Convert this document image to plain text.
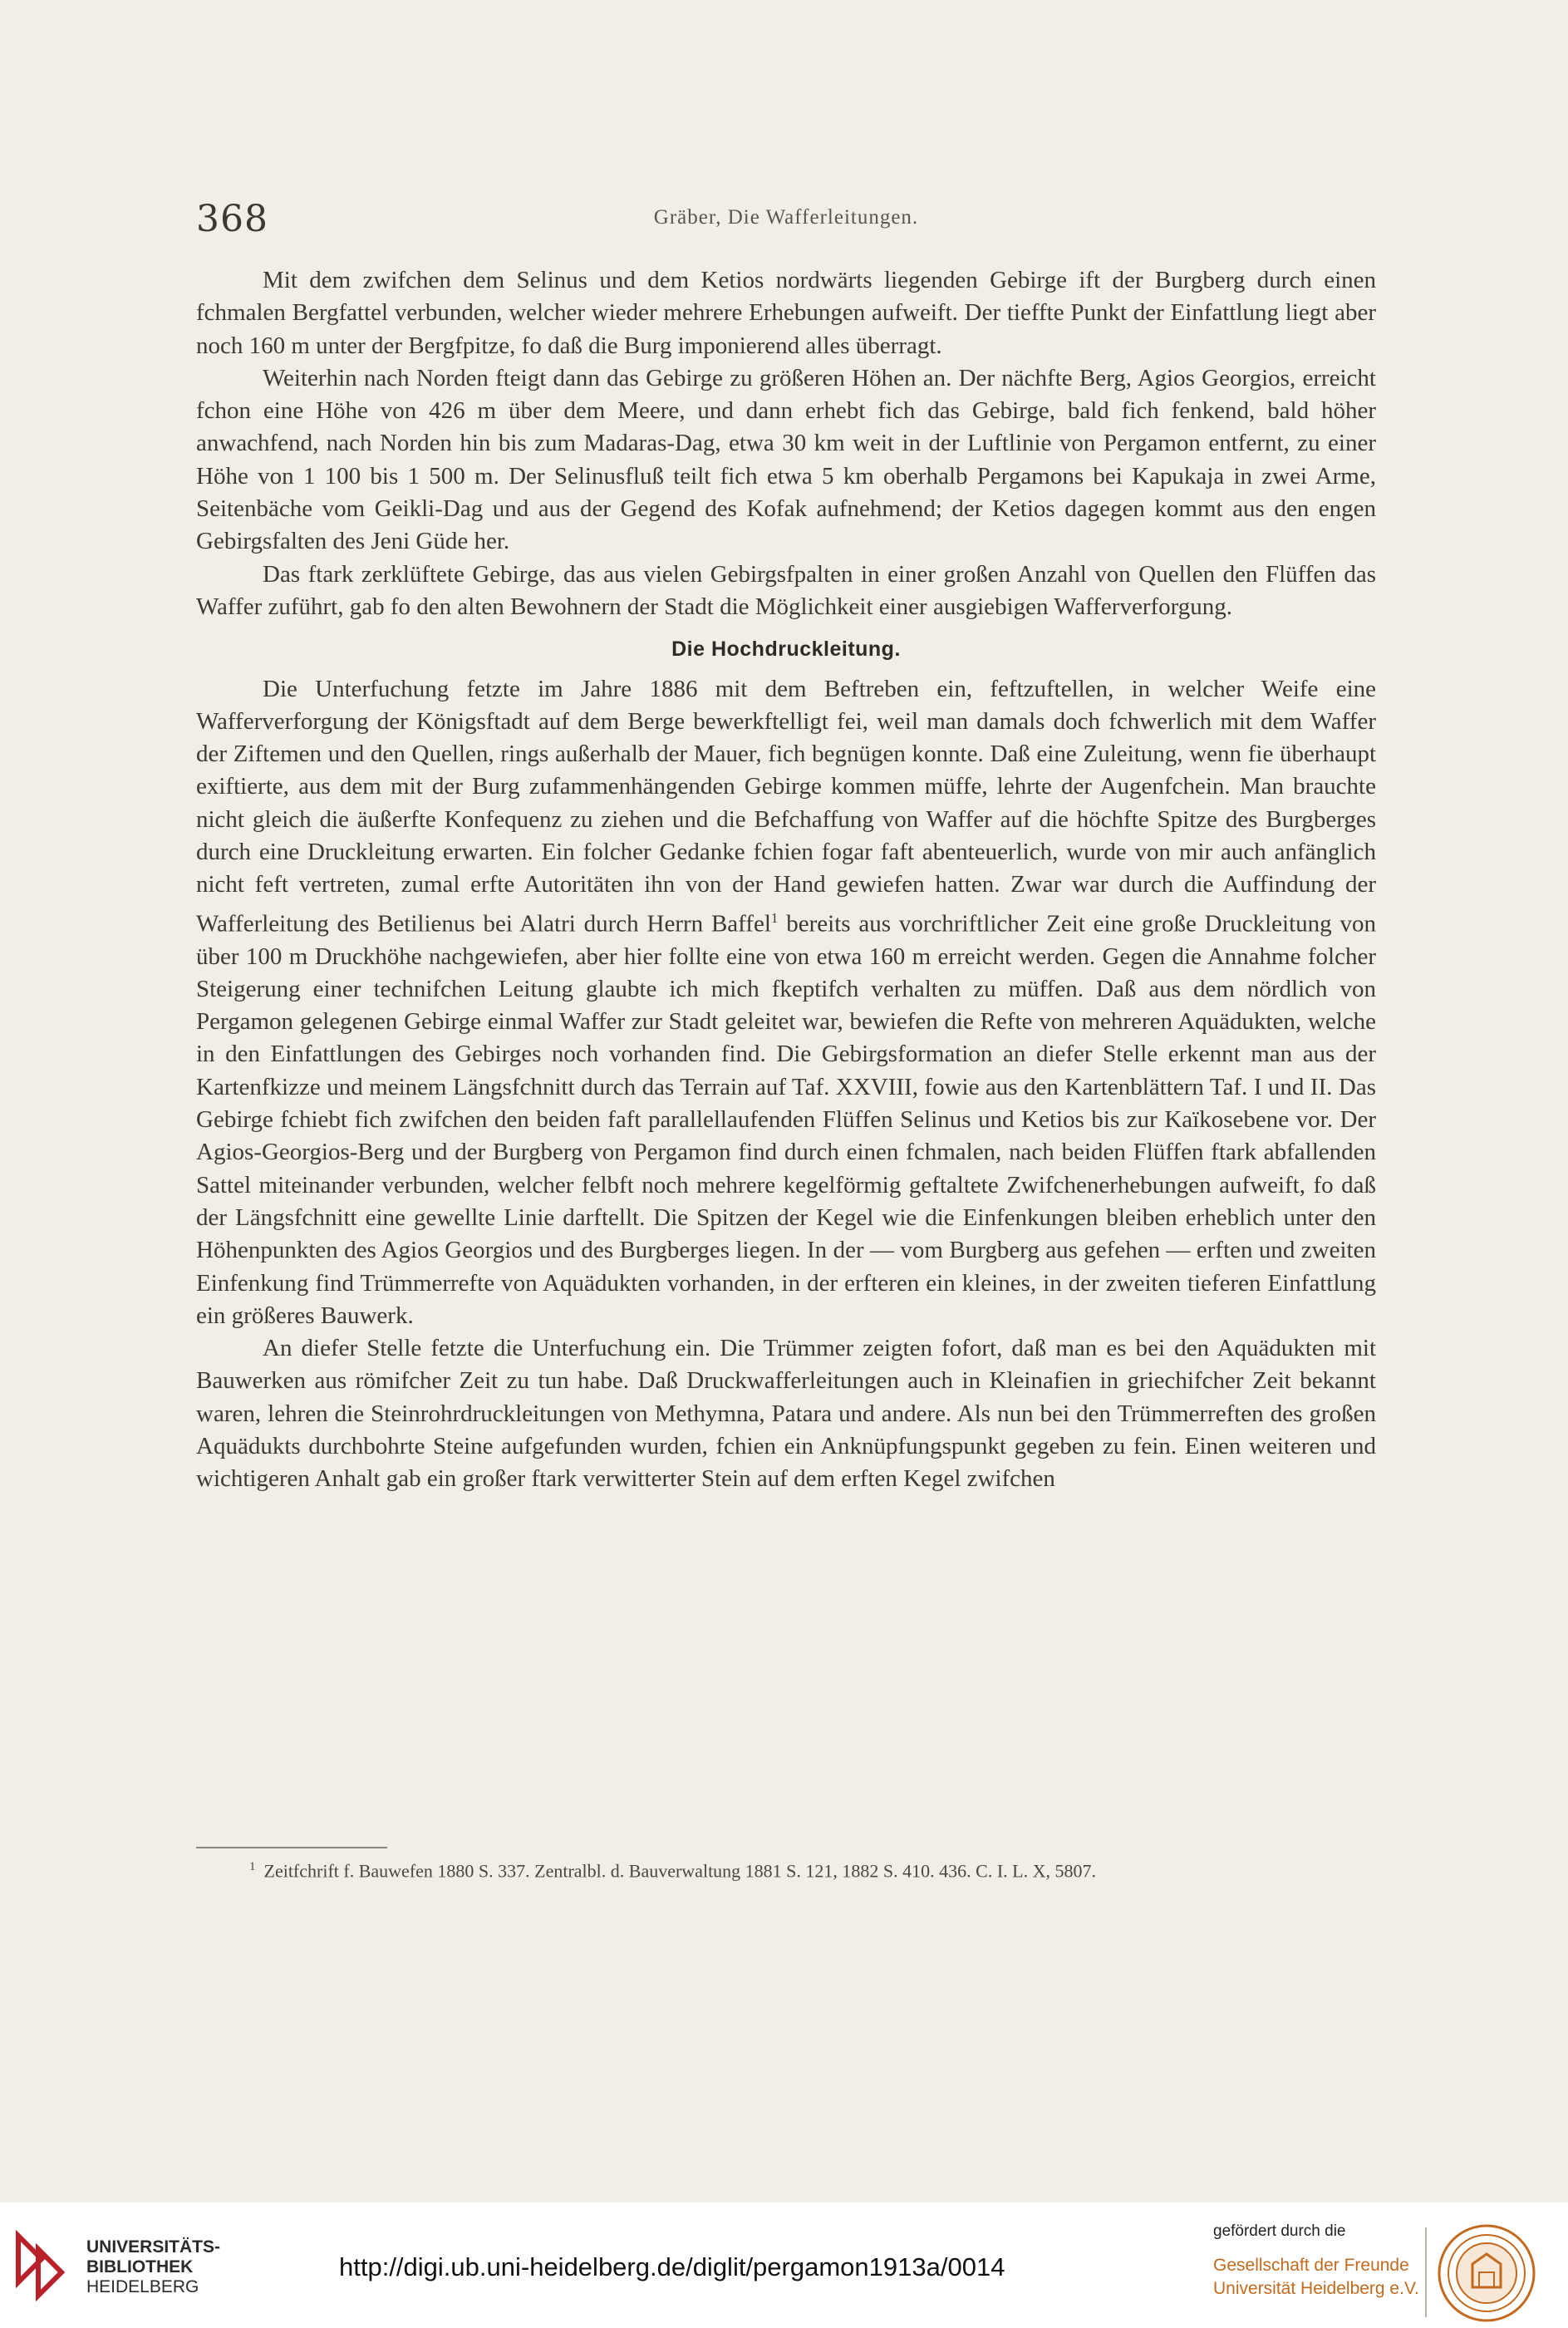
368	Gräber, Die Wafferleitungen.

Mit dem zwifchen dem Selinus und dem Ketios nordwärts liegenden Gebirge ift der Burgberg durch einen fchmalen Bergfattel verbunden, welcher wieder mehrere Erhebungen aufweift. Der tieffte Punkt der Einfattlung liegt aber noch 160 m unter der Bergfpitze, fo daß die Burg imponierend alles überragt.

Weiterhin nach Norden fteigt dann das Gebirge zu größeren Höhen an. Der nächfte Berg, Agios Georgios, erreicht fchon eine Höhe von 426 m über dem Meere, und dann erhebt fich das Gebirge, bald fich fenkend, bald höher anwachfend, nach Norden hin bis zum Madaras-Dag, etwa 30 km weit in der Luftlinie von Pergamon entfernt, zu einer Höhe von 1 100 bis 1 500 m. Der Selinusfluß teilt fich etwa 5 km oberhalb Pergamons bei Kapukaja in zwei Arme, Seitenbäche vom Geikli-Dag und aus der Gegend des Kofak aufnehmend; der Ketios dagegen kommt aus den engen Gebirgsfalten des Jeni Güde her.

Das ftark zerklüftete Gebirge, das aus vielen Gebirgsfpalten in einer großen Anzahl von Quellen den Flüffen das Waffer zuführt, gab fo den alten Bewohnern der Stadt die Möglichkeit einer ausgiebigen Wafferverforgung.

Die Hochdruckleitung.

Die Unterfuchung fetzte im Jahre 1886 mit dem Beftreben ein, feftzuftellen, in welcher Weife eine Wafferverforgung der Königsftadt auf dem Berge bewerkftelligt fei, weil man damals doch fchwerlich mit dem Waffer der Ziftemen und den Quellen, rings außerhalb der Mauer, fich begnügen konnte. Daß eine Zuleitung, wenn fie überhaupt exiftierte, aus dem mit der Burg zufammenhängenden Gebirge kommen müffe, lehrte der Augenfchein. Man brauchte nicht gleich die äußerfte Konfequenz zu ziehen und die Befchaffung von Waffer auf die höchfte Spitze des Burgberges durch eine Druckleitung erwarten. Ein folcher Gedanke fchien fogar faft abenteuerlich, wurde von mir auch anfänglich nicht feft vertreten, zumal erfte Autoritäten ihn von der Hand gewiefen hatten. Zwar war durch die Auffindung der Wafferleitung des Betilienus bei Alatri durch Herrn Baffel$^1$ bereits aus vorchriftlicher Zeit eine große Druckleitung von über 100 m Druckhöhe nachgewiefen, aber hier follte eine von etwa 160 m erreicht werden. Gegen die Annahme folcher Steigerung einer technifchen Leitung glaubte ich mich fkeptifch verhalten zu müffen. Daß aus dem nördlich von Pergamon gelegenen Gebirge einmal Waffer zur Stadt geleitet war, bewiefen die Refte von mehreren Aquädukten, welche in den Einfattlungen des Gebirges noch vorhanden find. Die Gebirgsformation an diefer Stelle erkennt man aus der Kartenfkizze und meinem Längsfchnitt durch das Terrain auf Taf. XXVIII, fowie aus den Kartenblättern Taf. I und II. Das Gebirge fchiebt fich zwifchen den beiden faft parallellaufenden Flüffen Selinus und Ketios bis zur Kaïkosebene vor. Der Agios-Georgios-Berg und der Burgberg von Pergamon find durch einen fchmalen, nach beiden Flüffen ftark abfallenden Sattel miteinander verbunden, welcher felbft noch mehrere kegelförmig geftaltete Zwifchenerhebungen aufweift, fo daß der Längsfchnitt eine gewellte Linie darftellt. Die Spitzen der Kegel wie die Einfenkungen bleiben erheblich unter den Höhenpunkten des Agios Georgios und des Burgberges liegen. In der — vom Burgberg aus gefehen — erften und zweiten Einfenkung find Trümmerrefte von Aquädukten vorhanden, in der erfteren ein kleines, in der zweiten tieferen Einfattlung ein größeres Bauwerk.

An diefer Stelle fetzte die Unterfuchung ein. Die Trümmer zeigten fofort, daß man es bei den Aquädukten mit Bauwerken aus römifcher Zeit zu tun habe. Daß Druckwafferleitungen auch in Kleinafien in griechifcher Zeit bekannt waren, lehren die Steinrohrdruckleitungen von Methymna, Patara und andere. Als nun bei den Trümmerreften des großen Aquädukts durchbohrte Steine aufgefunden wurden, fchien ein Anknüpfungspunkt gegeben zu fein. Einen weiteren und wichtigeren Anhalt gab ein großer ftark verwitterter Stein auf dem erften Kegel zwifchen

$^1$ Zeitfchrift f. Bauwefen 1880 S. 337. Zentralbl. d. Bauverwaltung 1881 S. 121, 1882 S. 410. 436. C. I. L. X, 5807.
UNIVERSITÄTS-
BIBLIOTHEK
HEIDELBERG
http://digi.ub.uni-heidelberg.de/diglit/pergamon1913a/0014
gefördert durch die
Gesellschaft der Freunde
Universität Heidelberg e.V.
